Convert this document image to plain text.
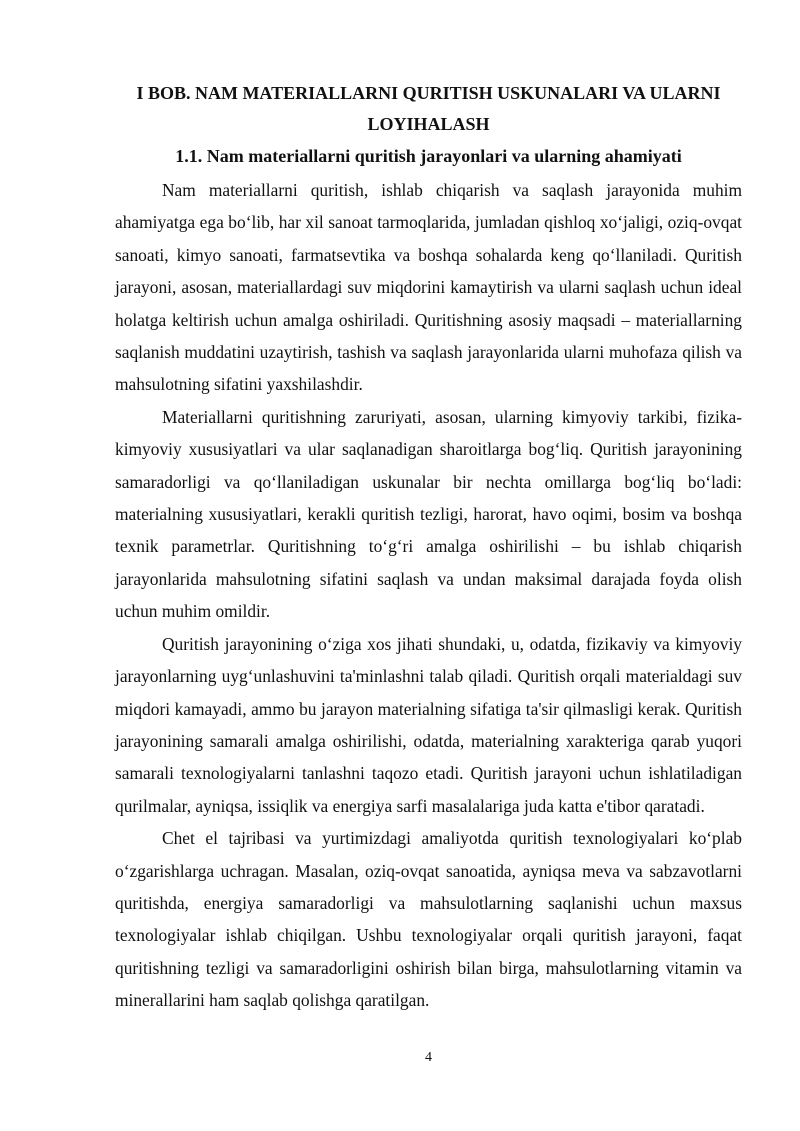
I BOB. NAM MATERIALLARNI QURITISH USKUNALARI VA ULARNI LOYIHALASH
1.1. Nam materiallarni quritish jarayonlari va ularning ahamiyati

Nam materiallarni quritish, ishlab chiqarish va saqlash jarayonida muhim ahamiyatga ega bo‘lib, har xil sanoat tarmoqlarida, jumladan qishloq xo‘jaligi, oziq-ovqat sanoati, kimyo sanoati, farmatsevtika va boshqa sohalarda keng qo‘llaniladi. Quritish jarayoni, asosan, materiallardagi suv miqdorini kamaytirish va ularni saqlash uchun ideal holatga keltirish uchun amalga oshiriladi. Quritishning asosiy maqsadi – materiallarning saqlanish muddatini uzaytirish, tashish va saqlash jarayonlarida ularni muhofaza qilish va mahsulotning sifatini yaxshilashdir.

Materiallarni quritishning zaruriyati, asosan, ularning kimyoviy tarkibi, fizika-kimyoviy xususiyatlari va ular saqlanadigan sharoitlarga bog‘liq. Quritish jarayonining samaradorligi va qo‘llaniladigan uskunalar bir nechta omillarga bog‘liq bo‘ladi: materialning xususiyatlari, kerakli quritish tezligi, harorat, havo oqimi, bosim va boshqa texnik parametrlar. Quritishning to‘g‘ri amalga oshirilishi – bu ishlab chiqarish jarayonlarida mahsulotning sifatini saqlash va undan maksimal darajada foyda olish uchun muhim omildir.

Quritish jarayonining o‘ziga xos jihati shundaki, u, odatda, fizikaviy va kimyoviy jarayonlarning uyg‘unlashuvini ta'minlashni talab qiladi. Quritish orqali materialdagi suv miqdori kamayadi, ammo bu jarayon materialning sifatiga ta'sir qilmasligi kerak. Quritish jarayonining samarali amalga oshirilishi, odatda, materialning xarakteriga qarab yuqori samarali texnologiyalarni tanlashni taqozo etadi. Quritish jarayoni uchun ishlatiladigan qurilmalar, ayniqsa, issiqlik va energiya sarfi masalalariga juda katta e'tibor qaratadi.

Chet el tajribasi va yurtimizdagi amaliyotda quritish texnologiyalari ko‘plab o‘zgarishlarga uchragan. Masalan, oziq-ovqat sanoatida, ayniqsa meva va sabzavotlarni quritishda, energiya samaradorligi va mahsulotlarning saqlanishi uchun maxsus texnologiyalar ishlab chiqilgan. Ushbu texnologiyalar orqali quritish jarayoni, faqat quritishning tezligi va samaradorligini oshirish bilan birga, mahsulotlarning vitamin va minerallarini ham saqlab qolishga qaratilgan.

4
